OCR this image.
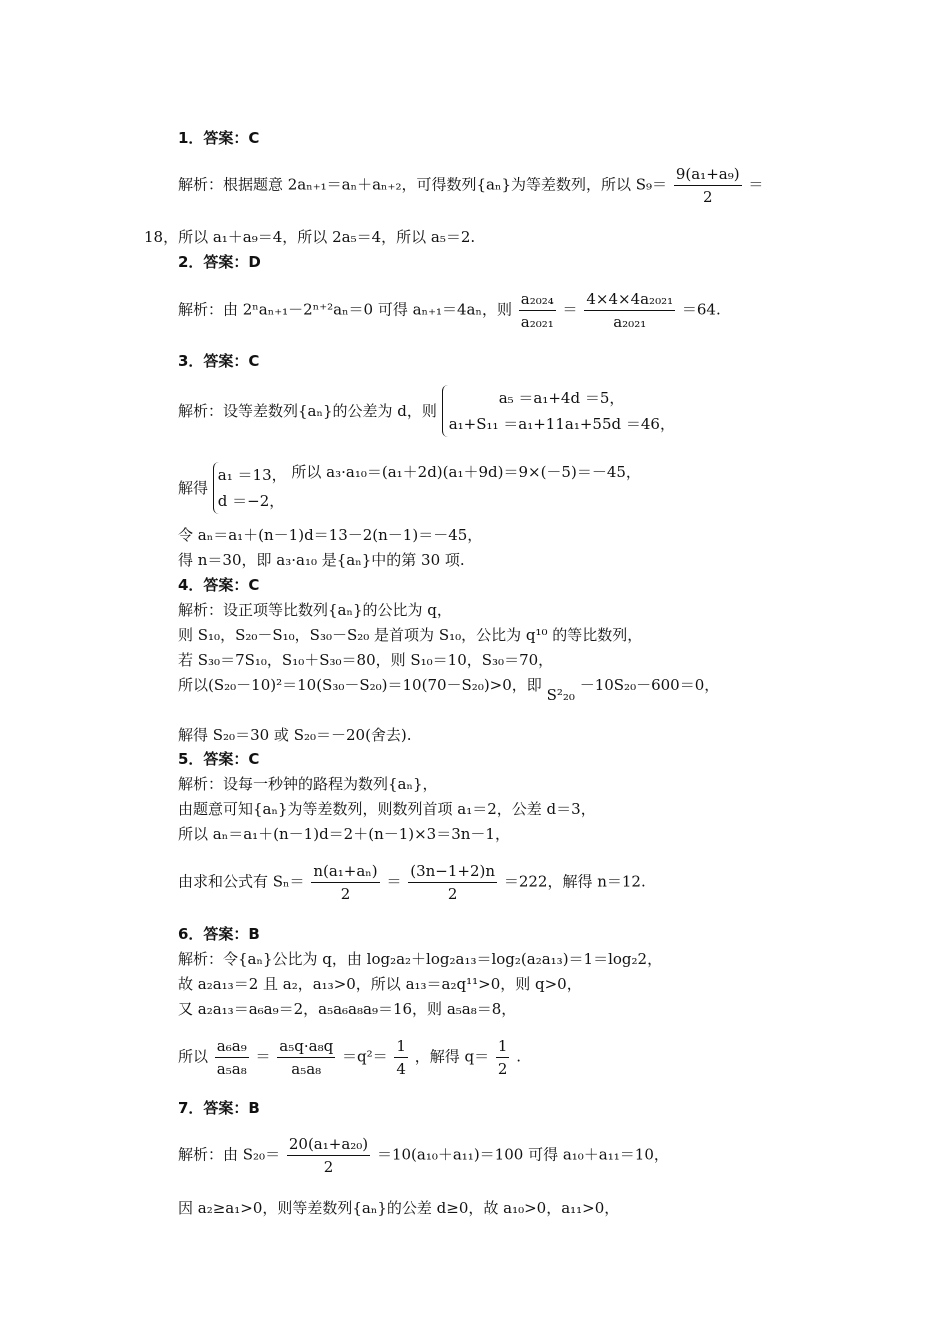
1．答案：C
解析：根据题意 2aₙ₊₁＝aₙ＋aₙ₊₂，可得数列{aₙ}为等差数列，所以 $S_9= \frac{\text{9(a₁+a₉)}}{2}$ ＝
18，所以 a₁＋a₉＝4，所以 2a₅＝4，所以 a₅＝2.
2．答案：D
解析：由 2ⁿaₙ₊₁－2ⁿ⁺²aₙ＝0 可得 aₙ₊₁＝4aₙ，则 $\frac{\text{a₂₀₂₄}}{\text{a₂₀₂₁}} = \frac{\text{4×4×4a₂₀₂₁}}{\text{a₂₀₂₁}} =64$.
3．答案：C
解析：设等差数列{aₙ}的公差为 d，则
a₅ ＝a₁+4d ＝5，
a₁+S₁₁ ＝a₁+11a₁+55d ＝46，
解得
a₁ ＝13，
d ＝−2，
所以 a₃·a₁₀＝(a₁＋2d)(a₁＋9d)＝9×(－5)＝－45，
令 aₙ＝a₁＋(n－1)d＝13－2(n－1)＝－45，
得 n＝30，即 a₃·a₁₀ 是{aₙ}中的第 30 项.
4．答案：C
解析：设正项等比数列{aₙ}的公比为 q，
则 S₁₀，S₂₀－S₁₀，S₃₀－S₂₀ 是首项为 S₁₀，公比为 q¹⁰ 的等比数列，
若 S₃₀＝7S₁₀，S₁₀＋S₃₀＝80，则 S₁₀＝10，S₃₀＝70，
所以(S₂₀－10)²＝10(S₃₀－S₂₀)＝10(70－S₂₀)>0，即 S²₂₀ －10S₂₀－600＝0，
解得 S₂₀＝30 或 S₂₀＝－20(舍去).
5．答案：C
解析：设每一秒钟的路程为数列{aₙ}，
由题意可知{aₙ}为等差数列，则数列首项 a₁＝2，公差 d＝3，
所以 aₙ＝a₁＋(n－1)d＝2＋(n－1)×3＝3n－1，
由求和公式有 $S_n= \frac{\text{n(a₁+aₙ)}}{2} = \frac{(3n-1+2)n}{2} =222$，解得 n＝12.
6．答案：B
解析：令{aₙ}公比为 q，由 log₂a₂＋log₂a₁₃＝log₂(a₂a₁₃)＝1＝log₂2，
故 a₂a₁₃＝2 且 a₂，a₁₃>0，所以 a₁₃＝a₂q¹¹>0，则 q>0，
又 a₂a₁₃＝a₆a₉＝2，a₅a₆a₈a₉＝16，则 a₅a₈＝8，
所以 $\frac{\text{a₆a₉}}{\text{a₅a₈}} = \frac{\text{a₅q·a₈q}}{\text{a₅a₈}} =q^2= \frac{1}{4}$ ，解得 $q= \frac{1}{2}$ .
7．答案：B
解析：由 $S_{20}= \frac{\text{20(a₁+a₂₀)}}{2} =10(a_{10}+a_{11})=100$ 可得 a₁₀＋a₁₁＝10，
因 a₂≥a₁>0，则等差数列{aₙ}的公差 d≥0，故 a₁₀>0，a₁₁>0，
